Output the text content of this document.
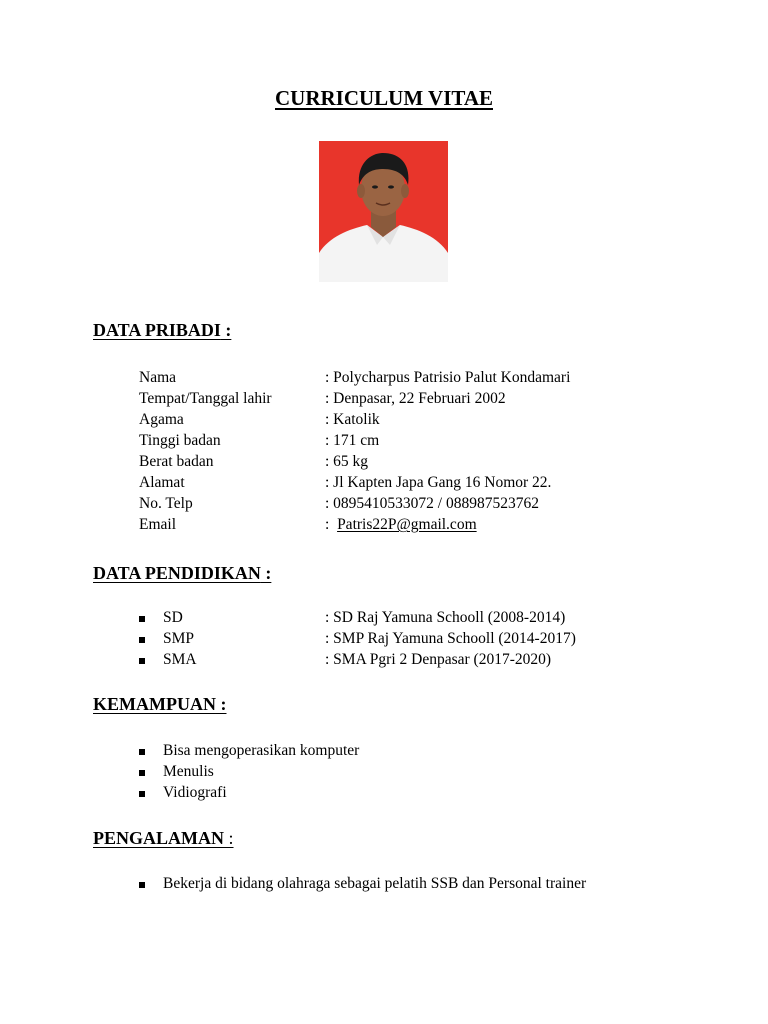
CURRICULUM VITAE
DATA PRIBADI :
Nama	: Polycharpus Patrisio Palut Kondamari
Tempat/Tanggal lahir	: Denpasar, 22 Februari 2002
Agama	: Katolik
Tinggi badan	: 171 cm
Berat badan	: 65 kg
Alamat	: Jl Kapten Japa Gang 16 Nomor 22.
No. Telp	: 0895410533072 / 088987523762
Email	:  Patris22P@gmail.com
DATA PENDIDIKAN :
SD	: SD Raj Yamuna Schooll (2008-2014)
SMP	: SMP Raj Yamuna Schooll (2014-2017)
SMA	: SMA Pgri 2 Denpasar (2017-2020)
KEMAMPUAN :
Bisa mengoperasikan komputer
Menulis
Vidiografi
PENGALAMAN :
Bekerja di bidang olahraga sebagai pelatih SSB dan Personal trainer
